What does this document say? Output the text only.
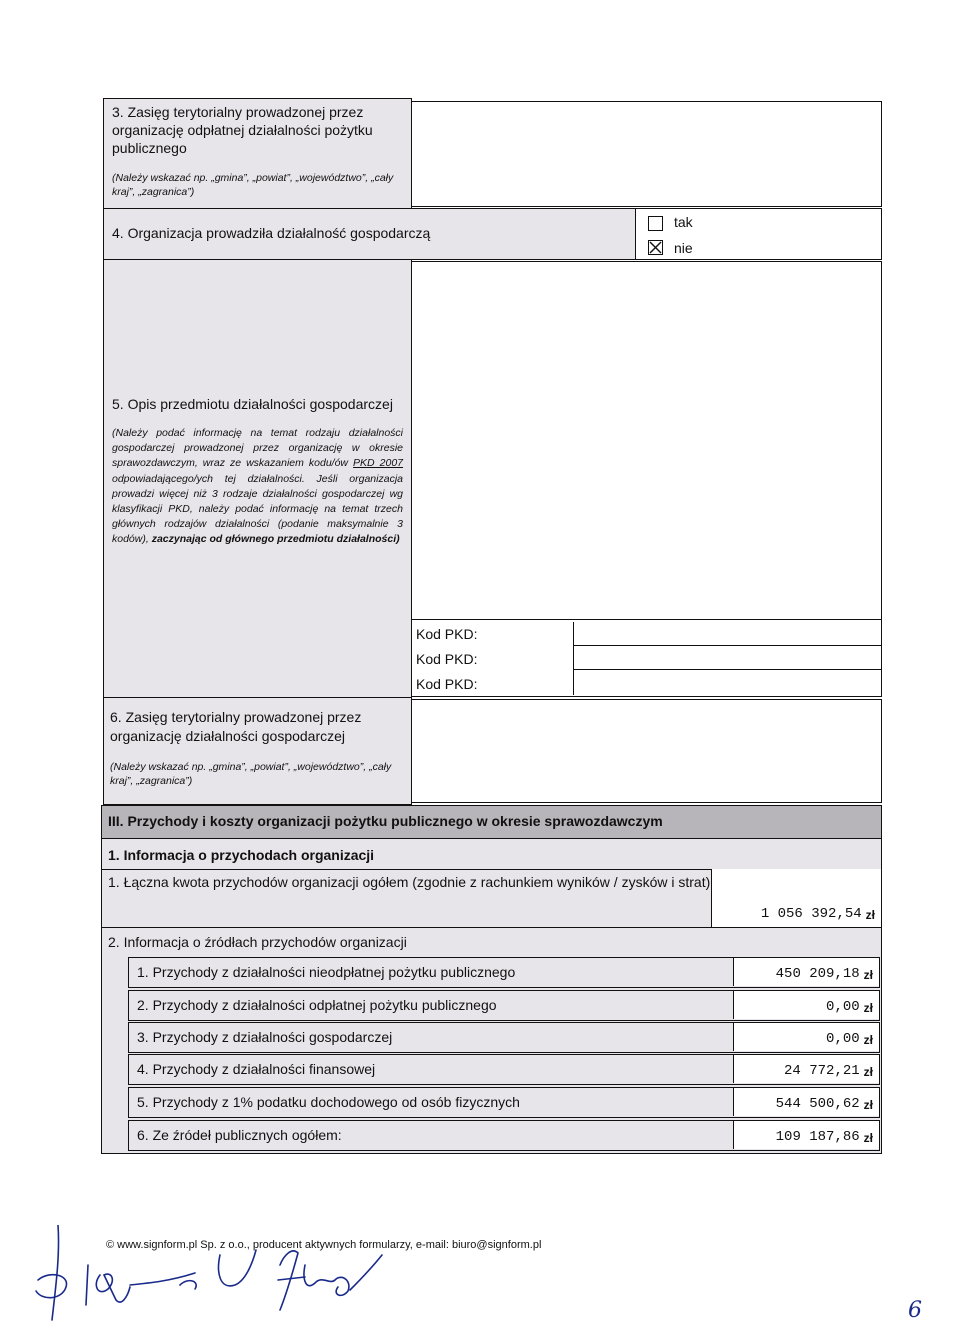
3. Zasięg terytorialny prowadzonej przez organizację odpłatnej działalności pożytku publicznego
(Należy wskazać np. „gmina”, „powiat”, „województwo”, „cały kraj”, „zagranica”)
4. Organizacja prowadziła działalność gospodarczą
tak
nie
5. Opis przedmiotu działalności gospodarczej
(Należy podać informację na temat rodzaju działalności gospodarczej prowadzonej przez organizację w okresie sprawozdawczym, wraz ze wskazaniem kodu/ów PKD 2007 odpowiadającego/ych tej działalności. Jeśli organizacja prowadzi więcej niż 3 rodzaje działalności gospodarczej wg klasyfikacji PKD, należy podać informację na temat trzech głównych rodzajów działalności (podanie maksymalnie 3 kodów), zaczynając od głównego przedmiotu działalności)
Kod PKD:
Kod PKD:
Kod PKD:
6. Zasięg terytorialny prowadzonej przez organizację działalności gospodarczej
(Należy wskazać np. „gmina”, „powiat”, „województwo”, „cały kraj”, „zagranica”)
III. Przychody i koszty organizacji pożytku publicznego w okresie sprawozdawczym
1. Informacja o przychodach organizacji
1. Łączna kwota przychodów organizacji ogółem (zgodnie z rachunkiem wyników / zysków i strat)
1 056 392,54 zł
2. Informacja o źródłach przychodów organizacji
1. Przychody z działalności nieodpłatnej pożytku publicznego	450 209,18 zł
2. Przychody z działalności odpłatnej pożytku publicznego	0,00 zł
3. Przychody z działalności gospodarczej	0,00 zł
4. Przychody z działalności finansowej	24 772,21 zł
5. Przychody z 1% podatku dochodowego od osób fizycznych	544 500,62 zł
6. Ze źródeł publicznych ogółem:	109 187,86 zł
© www.signform.pl Sp. z o.o., producent aktywnych formularzy, e-mail: biuro@signform.pl
6
